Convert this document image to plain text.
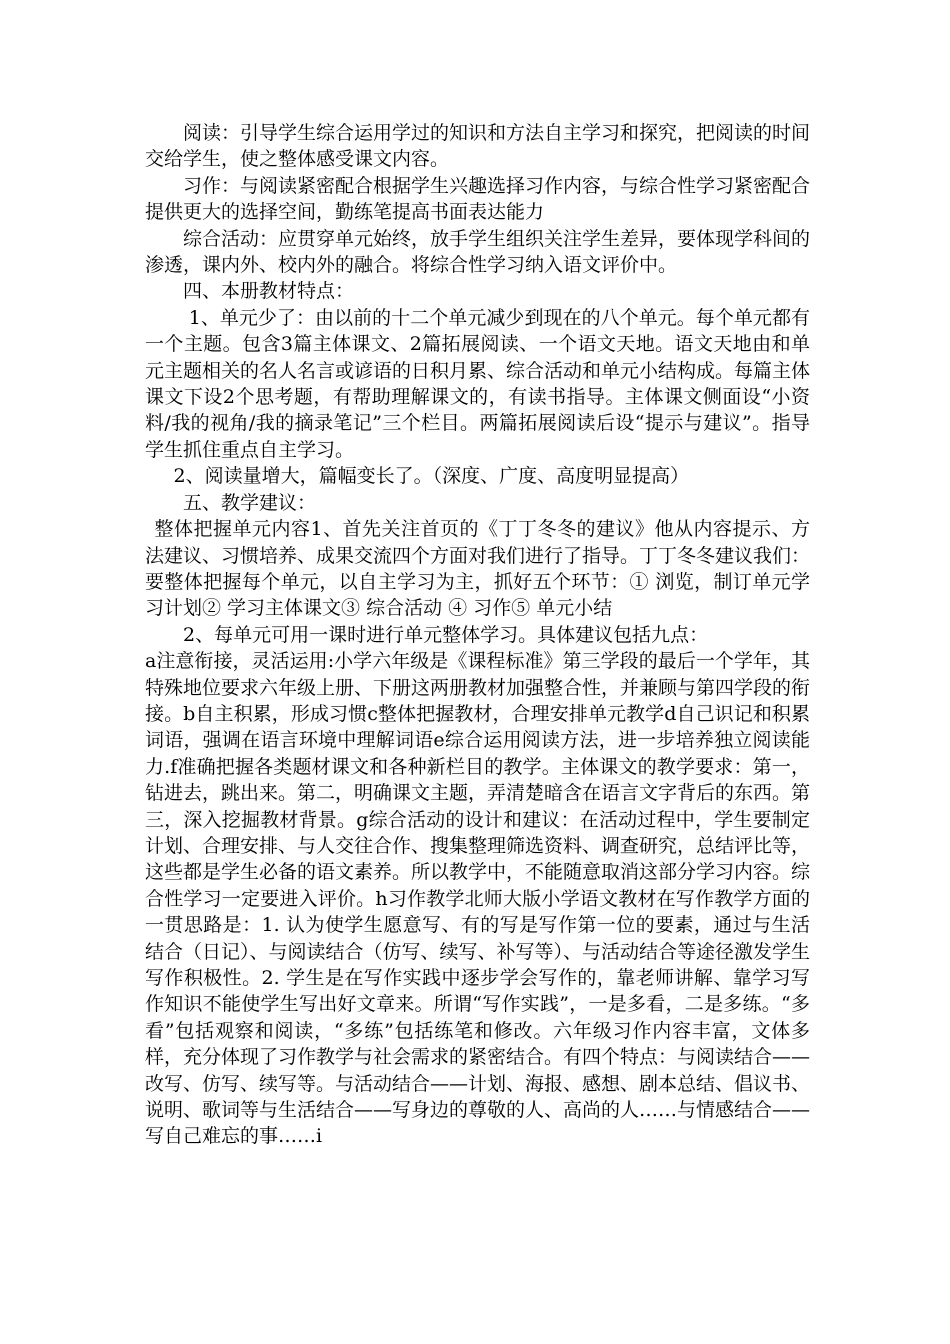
阅读：引导学生综合运用学过的知识和方法自主学习和探究，把阅读的时间交给学生，使之整体感受课文内容。

习作：与阅读紧密配合根据学生兴趣选择习作内容，与综合性学习紧密配合提供更大的选择空间，勤练笔提高书面表达能力

综合活动：应贯穿单元始终，放手学生组织关注学生差异，要体现学科间的渗透，课内外、校内外的融合。将综合性学习纳入语文评价中。

四、本册教材特点：

1、单元少了：由以前的十二个单元减少到现在的八个单元。每个单元都有一个主题。包含3篇主体课文、2篇拓展阅读、一个语文天地。语文天地由和单元主题相关的名人名言或谚语的日积月累、综合活动和单元小结构成。每篇主体课文下设2个思考题，有帮助理解课文的，有读书指导。主体课文侧面设“小资料/我的视角/我的摘录笔记”三个栏目。两篇拓展阅读后设“提示与建议”。指导学生抓住重点自主学习。

2、阅读量增大，篇幅变长了。（深度、广度、高度明显提高）

五、教学建议：

整体把握单元内容1、首先关注首页的《丁丁冬冬的建议》他从内容提示、方法建议、习惯培养、成果交流四个方面对我们进行了指导。丁丁冬冬建议我们：要整体把握每个单元，以自主学习为主，抓好五个环节：① 浏览，制订单元学习计划② 学习主体课文③ 综合活动 ④ 习作⑤ 单元小结

2、每单元可用一课时进行单元整体学习。具体建议包括九点：

a注意衔接，灵活运用:小学六年级是《课程标准》第三学段的最后一个学年，其特殊地位要求六年级上册、下册这两册教材加强整合性，并兼顾与第四学段的衔接。b自主积累，形成习惯c整体把握教材，合理安排单元教学d自己识记和积累词语，强调在语言环境中理解词语e综合运用阅读方法，进一步培养独立阅读能力.f准确把握各类题材课文和各种新栏目的教学。主体课文的教学要求：第一，钻进去，跳出来。第二，明确课文主题，弄清楚暗含在语言文字背后的东西。第三，深入挖掘教材背景。g综合活动的设计和建议：在活动过程中，学生要制定计划、合理安排、与人交往合作、搜集整理筛选资料、调查研究，总结评比等，这些都是学生必备的语文素养。所以教学中，不能随意取消这部分学习内容。综合性学习一定要进入评价。h习作教学北师大版小学语文教材在写作教学方面的一贯思路是：1. 认为使学生愿意写、有的写是写作第一位的要素，通过与生活结合（日记）、与阅读结合（仿写、续写、补写等）、与活动结合等途径激发学生写作积极性。2. 学生是在写作实践中逐步学会写作的，靠老师讲解、靠学习写作知识不能使学生写出好文章来。所谓“写作实践”，一是多看，二是多练。“多看”包括观察和阅读，“多练”包括练笔和修改。六年级习作内容丰富，文体多样，充分体现了习作教学与社会需求的紧密结合。有四个特点：与阅读结合——改写、仿写、续写等。与活动结合——计划、海报、感想、剧本总结、倡议书、说明、歌词等与生活结合——写身边的尊敬的人、高尚的人……与情感结合——写自己难忘的事……i
